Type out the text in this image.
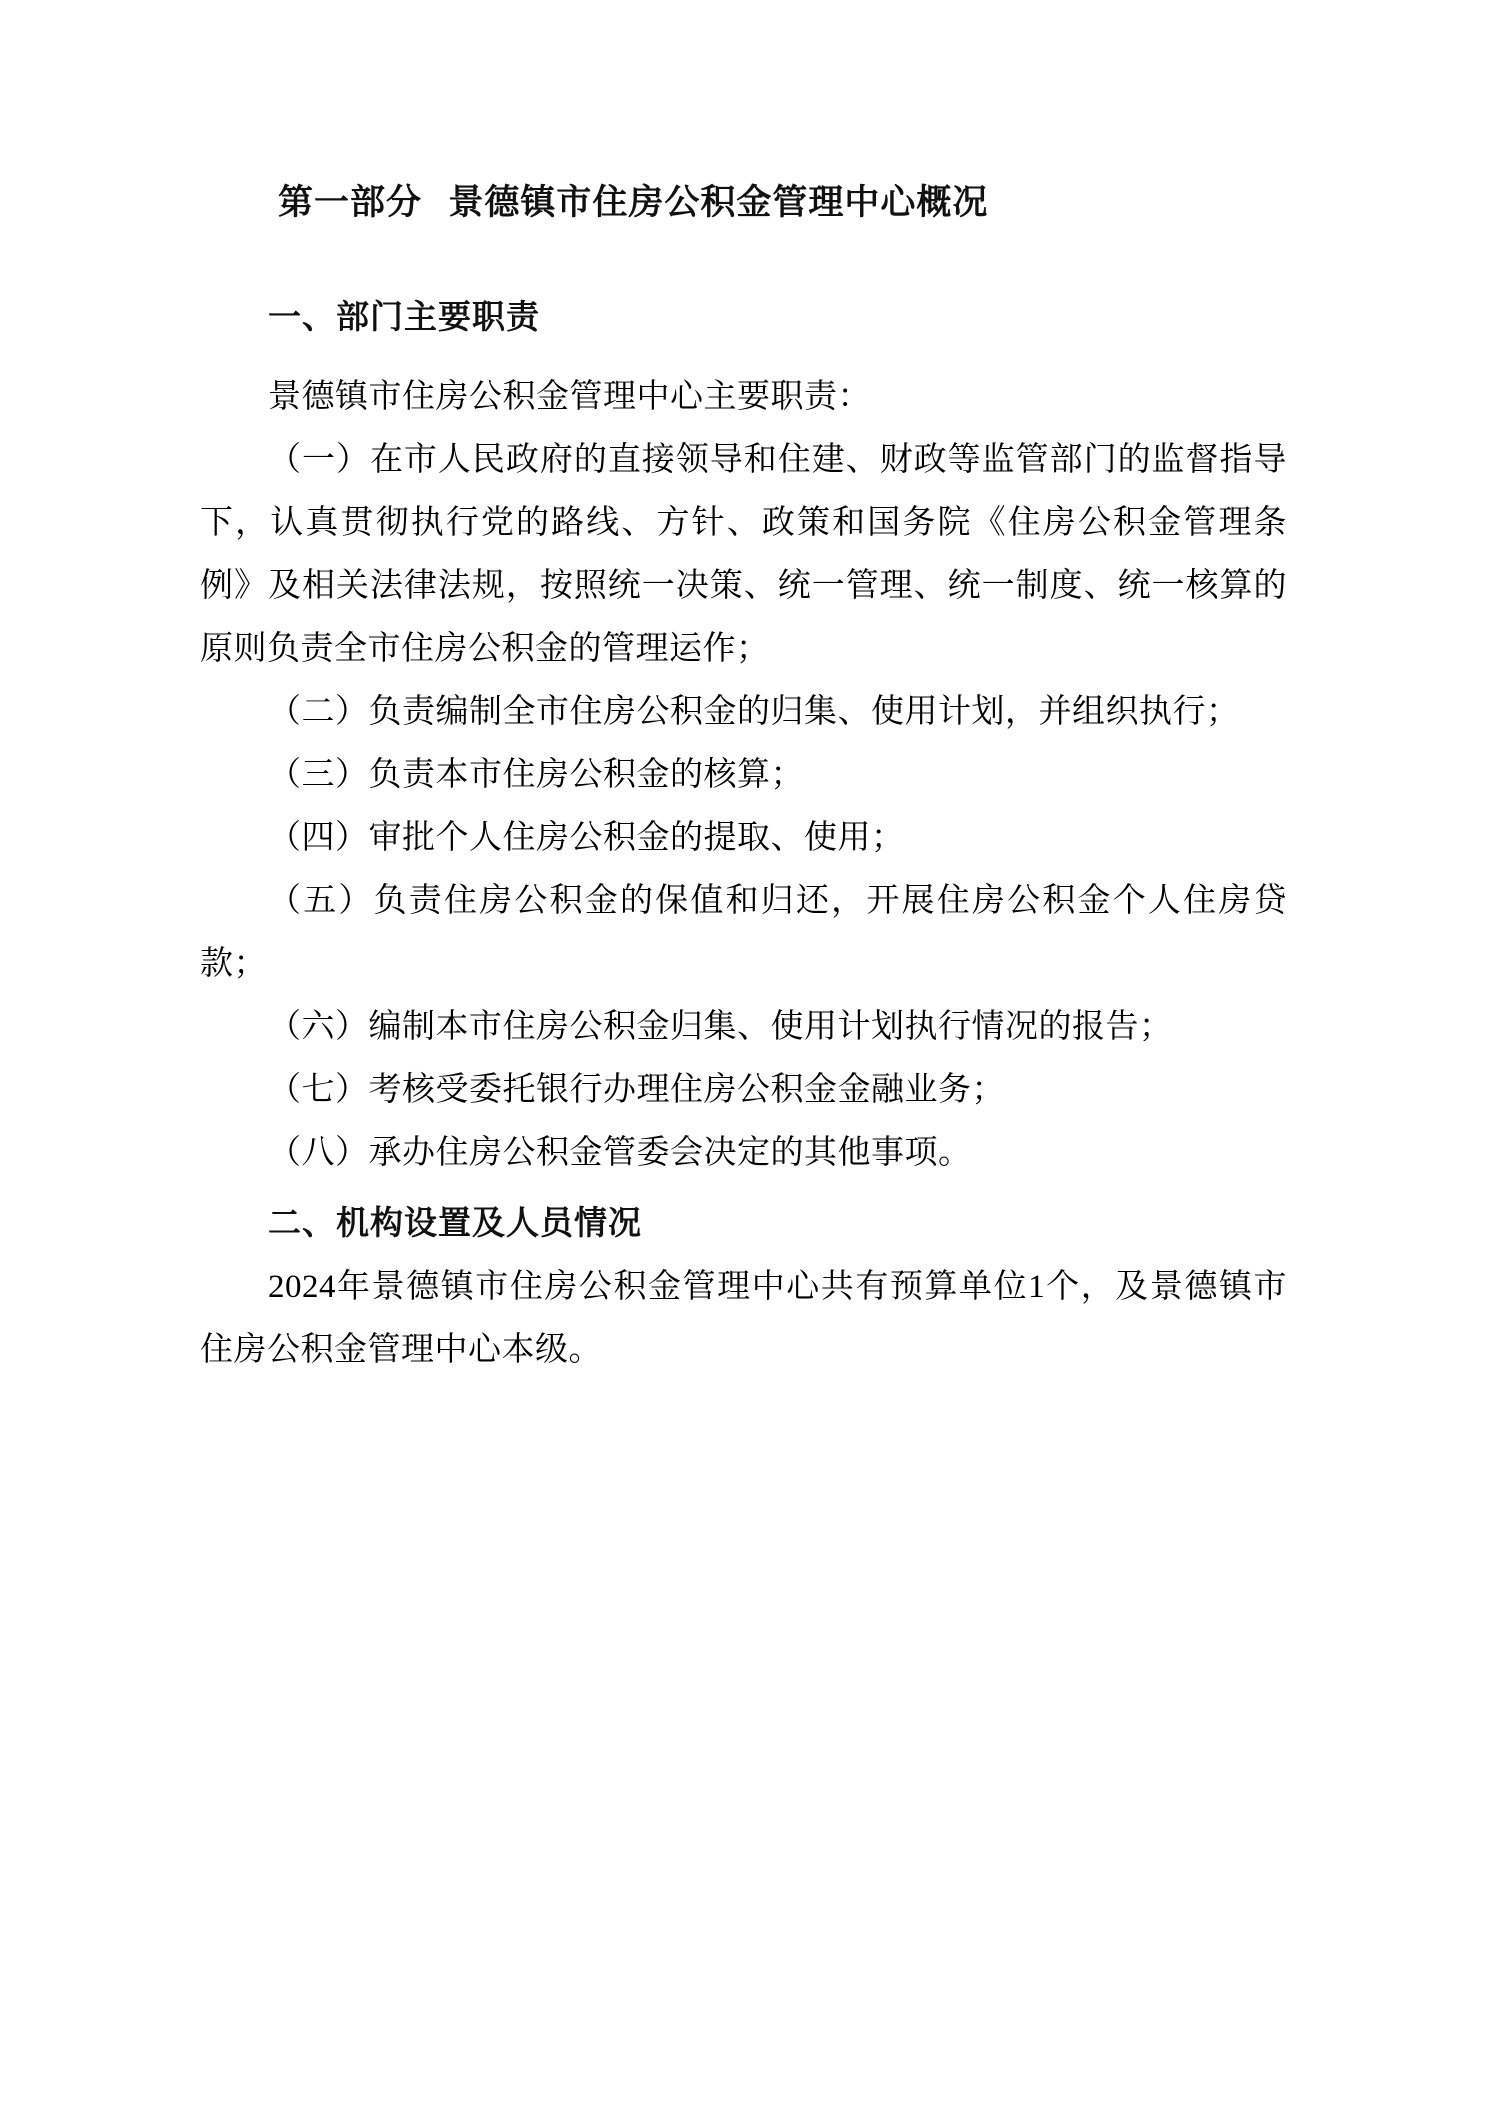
第一部分  景德镇市住房公积金管理中心概况
一、部门主要职责

景德镇市住房公积金管理中心主要职责：

（一）在市人民政府的直接领导和住建、财政等监管部门的监督指导下，认真贯彻执行党的路线、方针、政策和国务院《住房公积金管理条例》及相关法律法规，按照统一决策、统一管理、统一制度、统一核算的原则负责全市住房公积金的管理运作；

（二）负责编制全市住房公积金的归集、使用计划，并组织执行；

（三）负责本市住房公积金的核算；

（四）审批个人住房公积金的提取、使用；

（五）负责住房公积金的保值和归还，开展住房公积金个人住房贷款；

（六）编制本市住房公积金归集、使用计划执行情况的报告；

（七）考核受委托银行办理住房公积金金融业务；

（八）承办住房公积金管委会决定的其他事项。

二、机构设置及人员情况

2024年景德镇市住房公积金管理中心共有预算单位1个，及景德镇市住房公积金管理中心本级。
